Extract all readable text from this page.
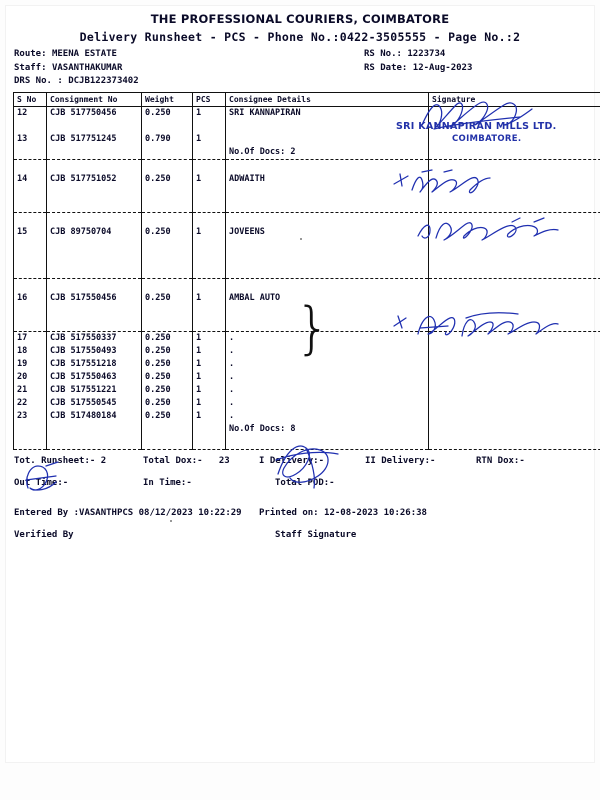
THE PROFESSIONAL COURIERS, COIMBATORE
Delivery Runsheet - PCS - Phone No.:0422-3505555 - Page No.:2
Route: MEENA ESTATE
Staff: VASANTHAKUMAR
DRS No. : DCJB122373402
RS No.: 1223734
RS Date: 12-Aug-2023
S No	Consignment No	Weight	PCS	Consignee Details	Signature
12	CJB 517750456	0.250	1	SRI KANNAPIRAN	

13	CJB 517751245	0.790	1		
				No.Of Docs: 2	

14	CJB 517751052	0.250	1	ADWAITH	

15	CJB 89750704	0.250	1	JOVEENS	

16	CJB 517550456	0.250	1	AMBAL AUTO	

17	CJB 517550337	0.250	1	.	
18	CJB 517550493	0.250	1	.	
19	CJB 517551218	0.250	1	.	
20	CJB 517550463	0.250	1	.	
21	CJB 517551221	0.250	1	.	
22	CJB 517550545	0.250	1	.	
23	CJB 517480184	0.250	1	.	
				No.Of Docs: 8	

Tot. Runsheet:- 2	Total Dox:-   23	I Delivery:-	II Delivery:-	RTN Dox:-
Out Time:-	In Time:-	Total POD:-
Entered By :VASANTHPCS 08/12/2023 10:22:29 Printed on: 12-08-2023 10:26:38
Verified By	Staff Signature
SRI KANNAPIRAN MILLS LTD.
COIMBATORE.
}
